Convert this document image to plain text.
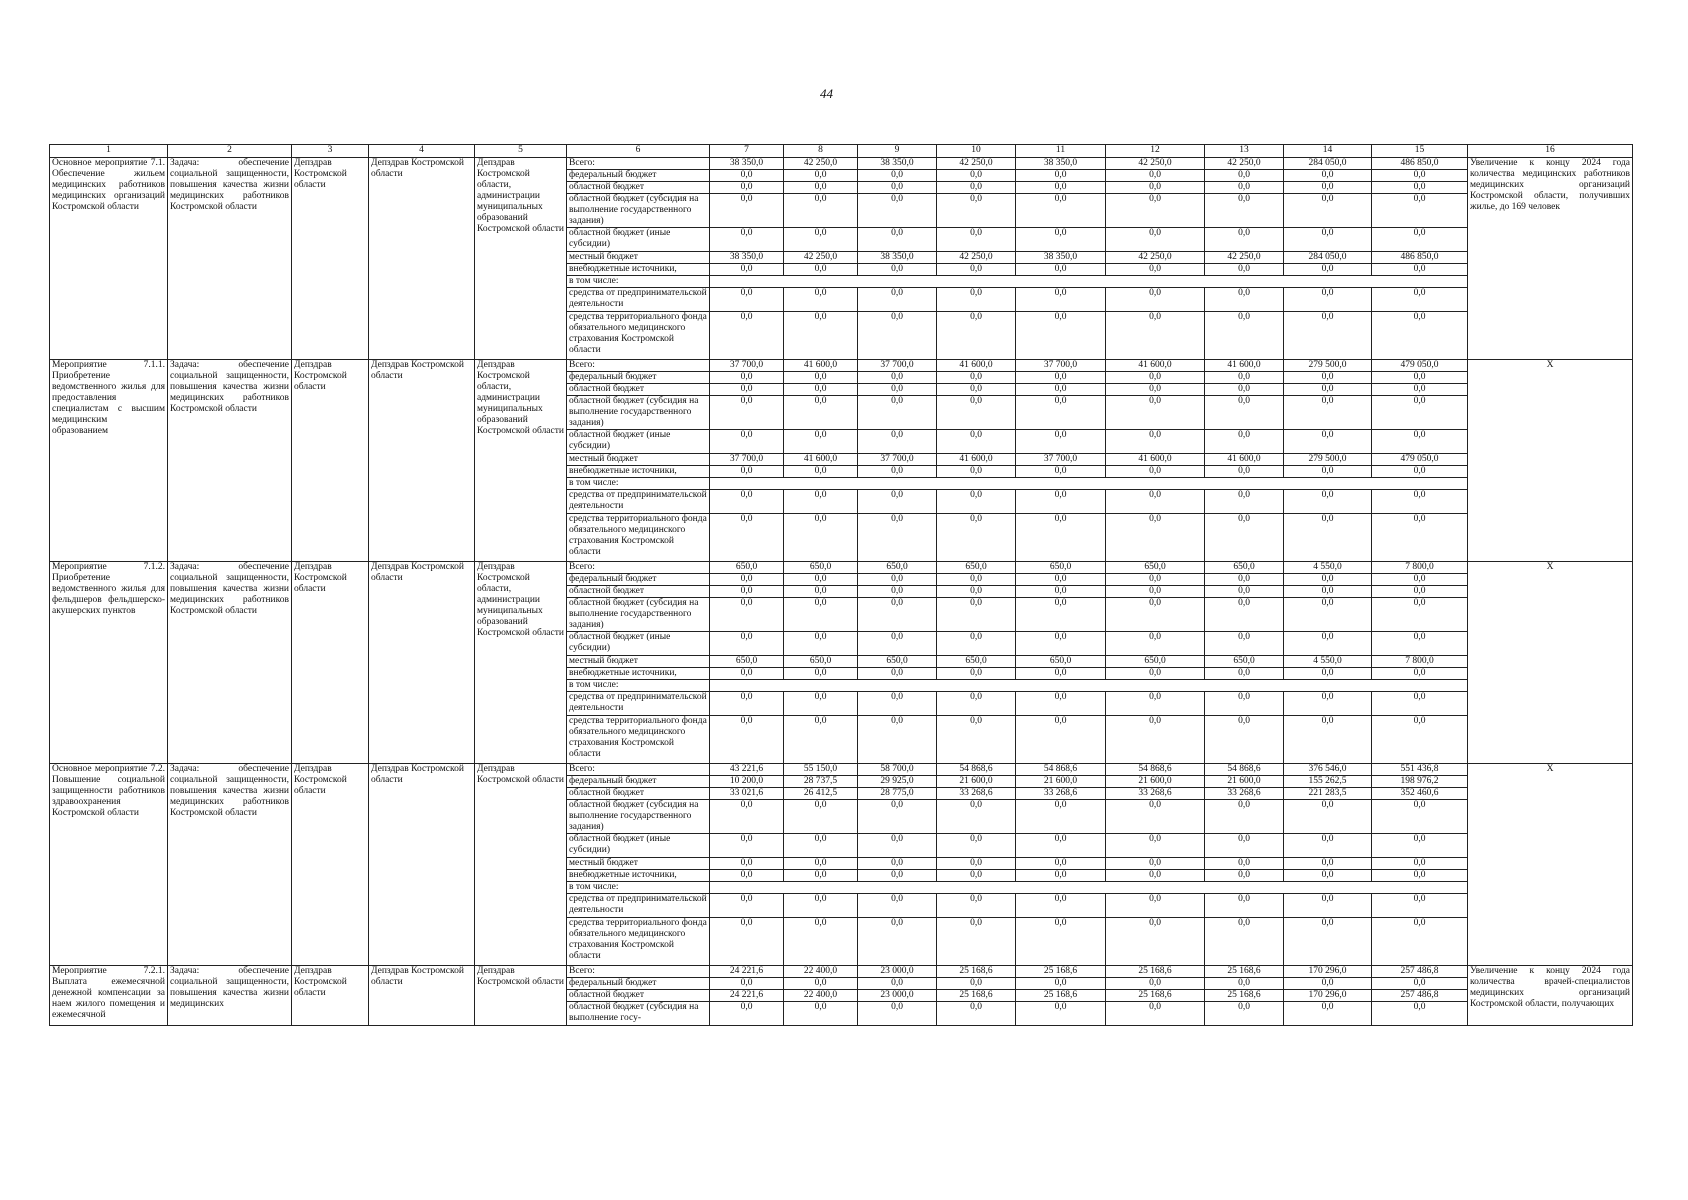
44
1	2	3	4	5	6	7	8	9	10	11	12	13	14	15	16
Основное мероприятие 7.1. Обеспечение жильем медицинских работников медицинских организаций Костромской области	Задача: обеспечение социальной защищенности, повышения качества жизни медицинских работников Костромской области	Депздрав Костромской области	Депздрав Костромской области	Депздрав Костромской области, администрации муниципальных образований Костромской области	Всего:	38 350,0	42 250,0	38 350,0	42 250,0	38 350,0	42 250,0	42 250,0	284 050,0	486 850,0	Увеличение к концу 2024 года количества медицинских работников медицинских организаций Костромской области, получивших жилье, до 169 человек
					федеральный бюджет	0,0	0,0	0,0	0,0	0,0	0,0	0,0	0,0	0,0	
					областной бюджет	0,0	0,0	0,0	0,0	0,0	0,0	0,0	0,0	0,0	
					областной бюджет (субсидия на выполнение государственного задания)	0,0	0,0	0,0	0,0	0,0	0,0	0,0	0,0	0,0	
					областной бюджет (иные субсидии)	0,0	0,0	0,0	0,0	0,0	0,0	0,0	0,0	0,0	
					местный бюджет	38 350,0	42 250,0	38 350,0	42 250,0	38 350,0	42 250,0	42 250,0	284 050,0	486 850,0	
					внебюджетные источники,	0,0	0,0	0,0	0,0	0,0	0,0	0,0	0,0	0,0	
					в том числе:										
					средства от предпринимательской деятельности	0,0	0,0	0,0	0,0	0,0	0,0	0,0	0,0	0,0	
					средства территориального фонда обязательного медицинского страхования Костромской области	0,0	0,0	0,0	0,0	0,0	0,0	0,0	0,0	0,0	
Мероприятие 7.1.1. Приобретение ведомственного жилья для предоставления специалистам с высшим медицинским образованием	Задача: обеспечение социальной защищенности, повышения качества жизни медицинских работников Костромской области	Депздрав Костромской области	Депздрав Костромской области	Депздрав Костромской области, администрации муниципальных образований Костромской области	Всего:	37 700,0	41 600,0	37 700,0	41 600,0	37 700,0	41 600,0	41 600,0	279 500,0	479 050,0	X
					федеральный бюджет	0,0	0,0	0,0	0,0	0,0	0,0	0,0	0,0	0,0	
					областной бюджет	0,0	0,0	0,0	0,0	0,0	0,0	0,0	0,0	0,0	
					областной бюджет (субсидия на выполнение государственного задания)	0,0	0,0	0,0	0,0	0,0	0,0	0,0	0,0	0,0	
					областной бюджет (иные субсидии)	0,0	0,0	0,0	0,0	0,0	0,0	0,0	0,0	0,0	
					местный бюджет	37 700,0	41 600,0	37 700,0	41 600,0	37 700,0	41 600,0	41 600,0	279 500,0	479 050,0	
					внебюджетные источники,	0,0	0,0	0,0	0,0	0,0	0,0	0,0	0,0	0,0	
					в том числе:										
					средства от предпринимательской деятельности	0,0	0,0	0,0	0,0	0,0	0,0	0,0	0,0	0,0	
					средства территориального фонда обязательного медицинского страхования Костромской области	0,0	0,0	0,0	0,0	0,0	0,0	0,0	0,0	0,0	
Мероприятие 7.1.2. Приобретение ведомственного жилья для фельдшеров фельдшерско-акушерских пунктов	Задача: обеспечение социальной защищенности, повышения качества жизни медицинских работников Костромской области	Депздрав Костромской области	Депздрав Костромской области	Депздрав Костромской области, администрации муниципальных образований Костромской области	Всего:	650,0	650,0	650,0	650,0	650,0	650,0	650,0	4 550,0	7 800,0	X
					федеральный бюджет	0,0	0,0	0,0	0,0	0,0	0,0	0,0	0,0	0,0	
					областной бюджет	0,0	0,0	0,0	0,0	0,0	0,0	0,0	0,0	0,0	
					областной бюджет (субсидия на выполнение государственного задания)	0,0	0,0	0,0	0,0	0,0	0,0	0,0	0,0	0,0	
					областной бюджет (иные субсидии)	0,0	0,0	0,0	0,0	0,0	0,0	0,0	0,0	0,0	
					местный бюджет	650,0	650,0	650,0	650,0	650,0	650,0	650,0	4 550,0	7 800,0	
					внебюджетные источники,	0,0	0,0	0,0	0,0	0,0	0,0	0,0	0,0	0,0	
					в том числе:										
					средства от предпринимательской деятельности	0,0	0,0	0,0	0,0	0,0	0,0	0,0	0,0	0,0	
					средства территориального фонда обязательного медицинского страхования Костромской области	0,0	0,0	0,0	0,0	0,0	0,0	0,0	0,0	0,0	
Основное мероприятие 7.2. Повышение социальной защищенности работников здравоохранения Костромской области	Задача: обеспечение социальной защищенности, повышения качества жизни медицинских работников Костромской области	Депздрав Костромской области	Депздрав Костромской области	Депздрав Костромской области	Всего:	43 221,6	55 150,0	58 700,0	54 868,6	54 868,6	54 868,6	54 868,6	376 546,0	551 436,8	X
					федеральный бюджет	10 200,0	28 737,5	29 925,0	21 600,0	21 600,0	21 600,0	21 600,0	155 262,5	198 976,2	
					областной бюджет	33 021,6	26 412,5	28 775,0	33 268,6	33 268,6	33 268,6	33 268,6	221 283,5	352 460,6	
					областной бюджет (субсидия на выполнение государственного задания)	0,0	0,0	0,0	0,0	0,0	0,0	0,0	0,0	0,0	
					областной бюджет (иные субсидии)	0,0	0,0	0,0	0,0	0,0	0,0	0,0	0,0	0,0	
					местный бюджет	0,0	0,0	0,0	0,0	0,0	0,0	0,0	0,0	0,0	
					внебюджетные источники,	0,0	0,0	0,0	0,0	0,0	0,0	0,0	0,0	0,0	
					в том числе:										
					средства от предпринимательской деятельности	0,0	0,0	0,0	0,0	0,0	0,0	0,0	0,0	0,0	
					средства территориального фонда обязательного медицинского страхования Костромской области	0,0	0,0	0,0	0,0	0,0	0,0	0,0	0,0	0,0	
Мероприятие 7.2.1. Выплата ежемесячной денежной компенсации за наем жилого помещения и ежемесячной	Задача: обеспечение социальной защищенности, повышения качества жизни медицинских	Депздрав Костромской области	Депздрав Костромской области	Депздрав Костромской области	Всего:	24 221,6	22 400,0	23 000,0	25 168,6	25 168,6	25 168,6	25 168,6	170 296,0	257 486,8	Увеличение к концу 2024 года количества врачей-специалистов медицинских организаций Костромской области, получающих
					федеральный бюджет	0,0	0,0	0,0	0,0	0,0	0,0	0,0	0,0	0,0	
					областной бюджет	24 221,6	22 400,0	23 000,0	25 168,6	25 168,6	25 168,6	25 168,6	170 296,0	257 486,8	
					областной бюджет (субсидия на выполнение госу-	0,0	0,0	0,0	0,0	0,0	0,0	0,0	0,0	0,0	
